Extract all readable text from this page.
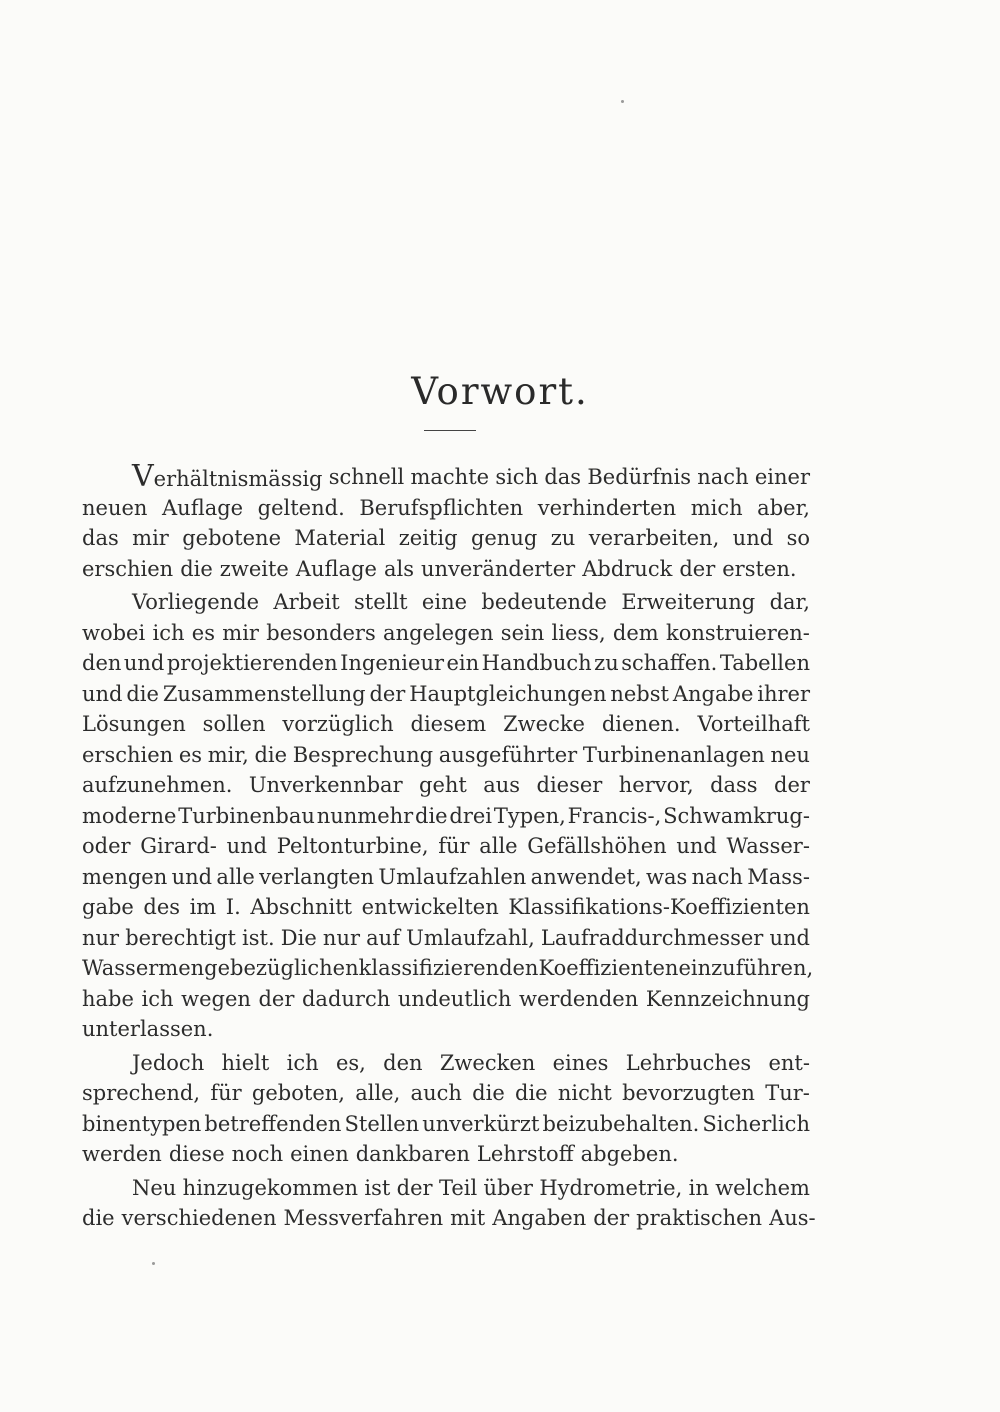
Vorwort.
Verhältnismässig schnell machte sich das Bedürfnis nach einer
neuen Auflage geltend. Berufspflichten verhinderten mich aber,
das mir gebotene Material zeitig genug zu verarbeiten, und so
erschien die zweite Auflage als unveränderter Abdruck der ersten.
Vorliegende Arbeit stellt eine bedeutende Erweiterung dar,
wobei ich es mir besonders angelegen sein liess, dem konstruieren-
den und projektierenden Ingenieur ein Handbuch zu schaffen. Tabellen
und die Zusammenstellung der Hauptgleichungen nebst Angabe ihrer
Lösungen sollen vorzüglich diesem Zwecke dienen. Vorteilhaft
erschien es mir, die Besprechung ausgeführter Turbinenanlagen neu
aufzunehmen. Unverkennbar geht aus dieser hervor, dass der
moderne Turbinenbau nunmehr die drei Typen, Francis-, Schwamkrug-
oder Girard- und Peltonturbine, für alle Gefällshöhen und Wasser-
mengen und alle verlangten Umlaufzahlen anwendet, was nach Mass-
gabe des im I. Abschnitt entwickelten Klassifikations-Koeffizienten
nur berechtigt ist. Die nur auf Umlaufzahl, Laufraddurchmesser und
Wassermenge bezüglichen klassifizierenden Koeffizienten einzuführen,
habe ich wegen der dadurch undeutlich werdenden Kennzeichnung
unterlassen.
Jedoch hielt ich es, den Zwecken eines Lehrbuches ent-
sprechend, für geboten, alle, auch die die nicht bevorzugten Tur-
binentypen betreffenden Stellen unverkürzt beizubehalten. Sicherlich
werden diese noch einen dankbaren Lehrstoff abgeben.
Neu hinzugekommen ist der Teil über Hydrometrie, in welchem
die verschiedenen Messverfahren mit Angaben der praktischen Aus-
